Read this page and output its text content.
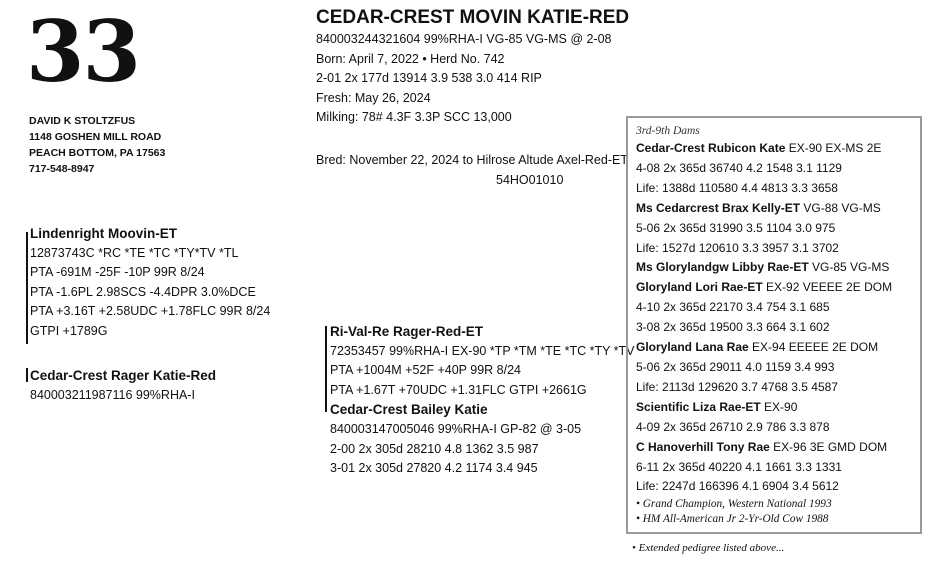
33
DAVID K STOLTZFUS
1148 GOSHEN MILL ROAD
PEACH BOTTOM, PA 17563
717-548-8947
CEDAR-CREST MOVIN KATIE-RED
840003244321604 99%RHA-I VG-85 VG-MS @ 2-08
Born: April 7, 2022 • Herd No. 742
2-01 2x 177d 13914 3.9 538 3.0 414 RIP
Fresh: May 26, 2024
Milking: 78# 4.3F 3.3P SCC 13,000
Bred: November 22, 2024 to Hilrose Altude Axel-Red-ET
54HO01010
Lindenright Moovin-ET
12873743C *RC *TE *TC *TY*TV *TL
PTA -691M -25F -10P 99R 8/24
PTA -1.6PL 2.98SCS -4.4DPR 3.0%DCE
PTA +3.16T +2.58UDC +1.78FLC 99R 8/24
GTPI +1789G
Cedar-Crest Rager Katie-Red
840003211987116 99%RHA-I
Ri-Val-Re Rager-Red-ET
72353457 99%RHA-I EX-90 *TP *TM *TE *TC *TY *TV
PTA +1004M +52F +40P 99R 8/24
PTA +1.67T +70UDC +1.31FLC GTPI +2661G
Cedar-Crest Bailey Katie
840003147005046 99%RHA-I GP-82 @ 3-05
2-00 2x 305d 28210 4.8 1362 3.5 987
3-01 2x 305d 27820 4.2 1174 3.4 945
3rd-9th Dams
Cedar-Crest Rubicon Kate EX-90 EX-MS 2E
4-08 2x 365d 36740 4.2 1548 3.1 1129
Life: 1388d 110580 4.4 4813 3.3 3658
Ms Cedarcrest Brax Kelly-ET VG-88 VG-MS
5-06 2x 365d 31990 3.5 1104 3.0 975
Life: 1527d 120610 3.3 3957 3.1 3702
Ms Glorylandgw Libby Rae-ET VG-85 VG-MS
Gloryland Lori Rae-ET EX-92 VEEEE 2E DOM
4-10 2x 365d 22170 3.4 754 3.1 685
3-08 2x 365d 19500 3.3 664 3.1 602
Gloryland Lana Rae EX-94 EEEEE 2E DOM
5-06 2x 365d 29011 4.0 1159 3.4 993
Life: 2113d 129620 3.7 4768 3.5 4587
Scientific Liza Rae-ET EX-90
4-09 2x 365d 26710 2.9 786 3.3 878
C Hanoverhill Tony Rae EX-96 3E GMD DOM
6-11 2x 365d 40220 4.1 1661 3.3 1331
Life: 2247d 166396 4.1 6904 3.4 5612
• Grand Champion, Western National 1993
• HM All-American Jr 2-Yr-Old Cow 1988
• Extended pedigree listed above...
